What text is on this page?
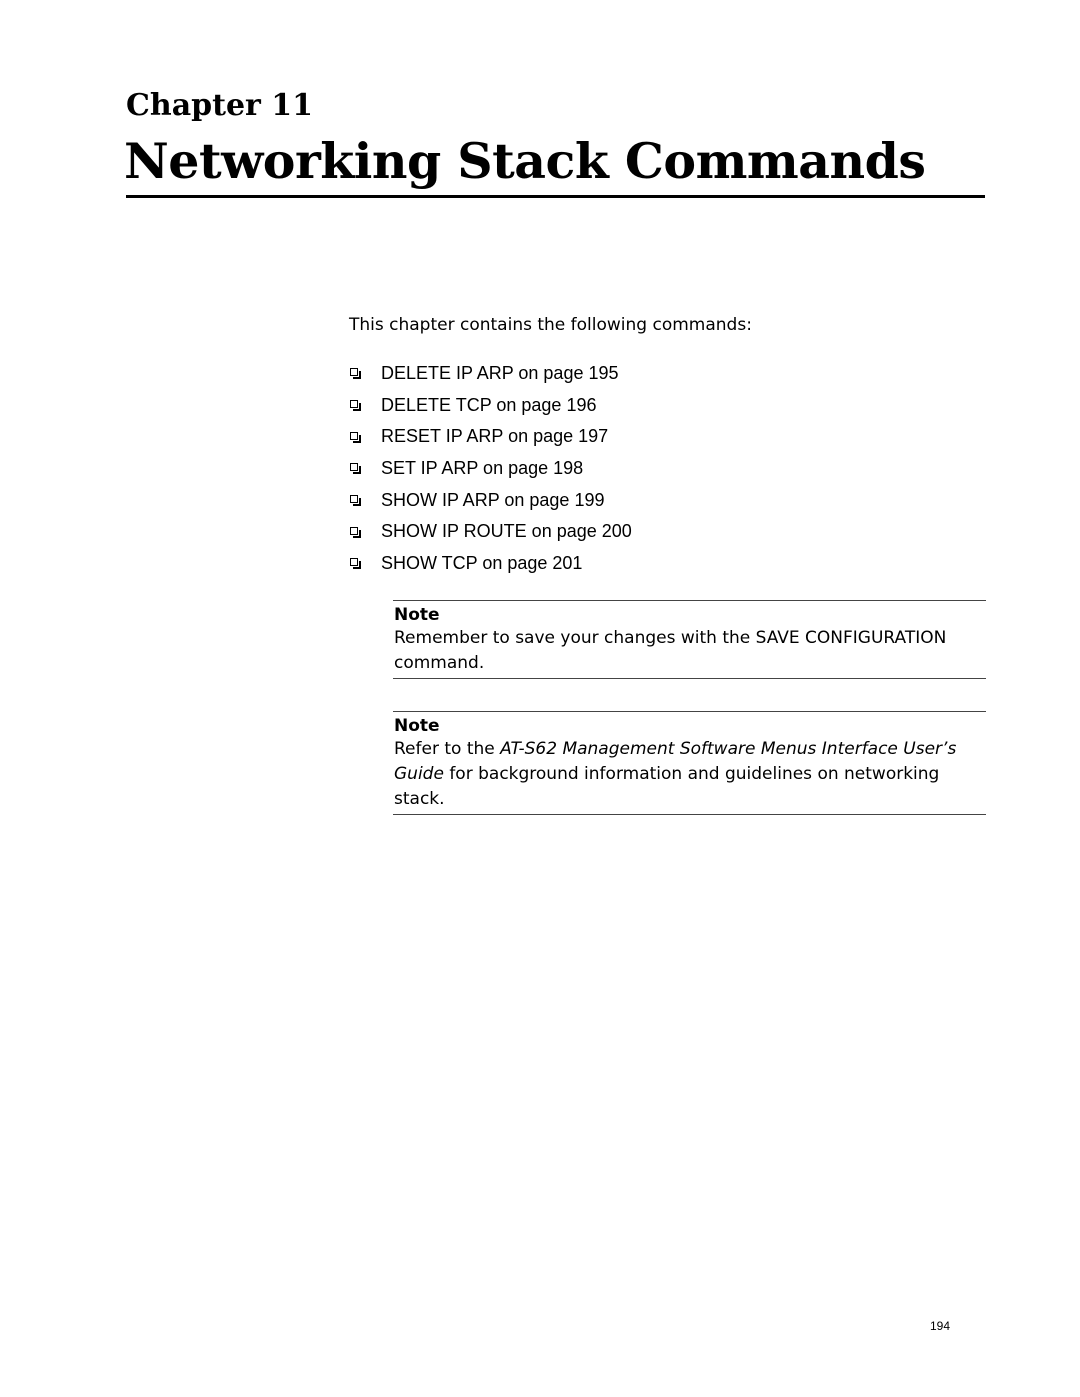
Chapter 11
Networking Stack Commands
This chapter contains the following commands:
DELETE IP ARP on page 195
DELETE TCP on page 196
RESET IP ARP on page 197
SET IP ARP on page 198
SHOW IP ARP on page 199
SHOW IP ROUTE on page 200
SHOW TCP on page 201
Note
Remember to save your changes with the SAVE CONFIGURATION command.
Note
Refer to the AT-S62 Management Software Menus Interface User’s Guide for background information and guidelines on networking stack.
194
